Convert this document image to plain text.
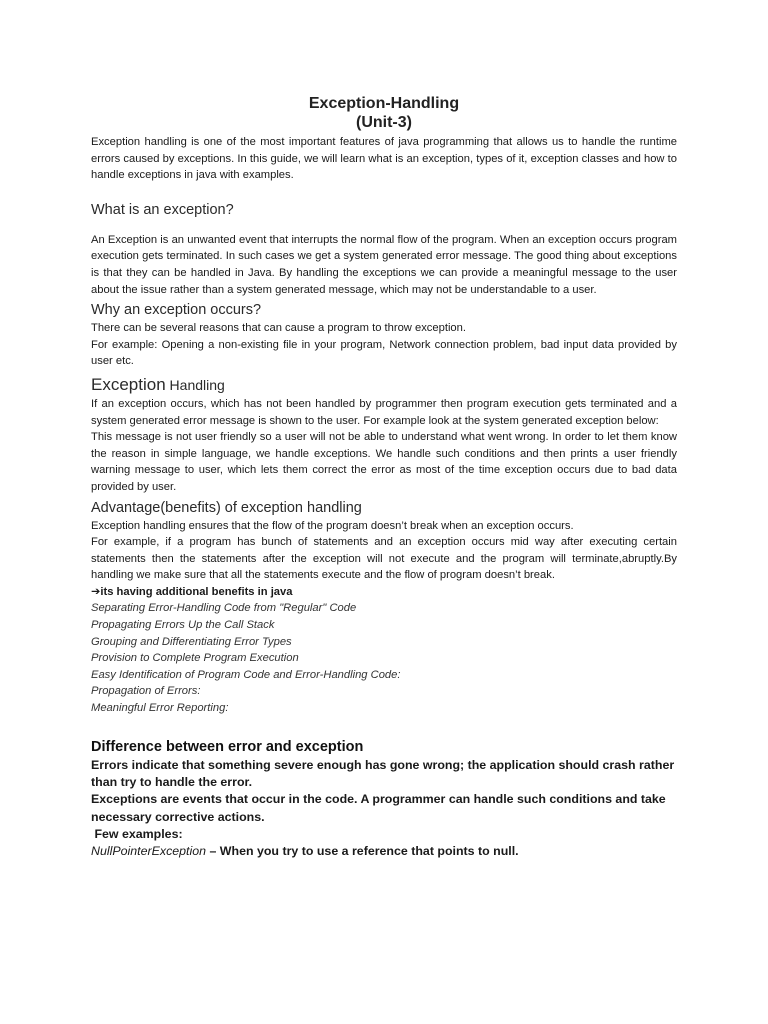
Exception-Handling
(Unit-3)

Exception handling is one of the most important features of java programming that allows us to handle the runtime errors caused by exceptions. In this guide, we will learn what is an exception, types of it, exception classes and how to handle exceptions in java with examples.

What is an exception?

An Exception is an unwanted event that interrupts the normal flow of the program. When an exception occurs program execution gets terminated. In such cases we get a system generated error message. The good thing about exceptions is that they can be handled in Java. By handling the exceptions we can provide a meaningful message to the user about the issue rather than a system generated message, which may not be understandable to a user.

Why an exception occurs?

There can be several reasons that can cause a program to throw exception.

For example: Opening a non-existing file in your program, Network connection problem, bad input data provided by user etc.

Exception Handling

If an exception occurs, which has not been handled by programmer then program execution gets terminated and a system generated error message is shown to the user. For example look at the system generated exception below:

This message is not user friendly so a user will not be able to understand what went wrong. In order to let them know the reason in simple language, we handle exceptions. We handle such conditions and then prints a user friendly warning message to user, which lets them correct the error as most of the time exception occurs due to bad data provided by user.

Advantage(benefits) of exception handling

Exception handling ensures that the flow of the program doesn’t break when an exception occurs.

For example, if a program has bunch of statements and an exception occurs mid way after executing certain statements then the statements after the exception will not execute and the program will terminate,abruptly.By handling we make sure that all the statements execute and the flow of program doesn’t break.

➔its having additional benefits in java

Separating Error-Handling Code from "Regular" Code
Propagating Errors Up the Call Stack
Grouping and Differentiating Error Types
Provision to Complete Program Execution
Easy Identification of Program Code and Error-Handling Code:
Propagation of Errors:
Meaningful Error Reporting:
Difference between error and exception

Errors indicate that something severe enough has gone wrong; the application should crash rather than try to handle the error.

Exceptions are events that occur in the code. A programmer can handle such conditions and take necessary corrective actions.

Few examples:

NullPointerException – When you try to use a reference that points to null.
